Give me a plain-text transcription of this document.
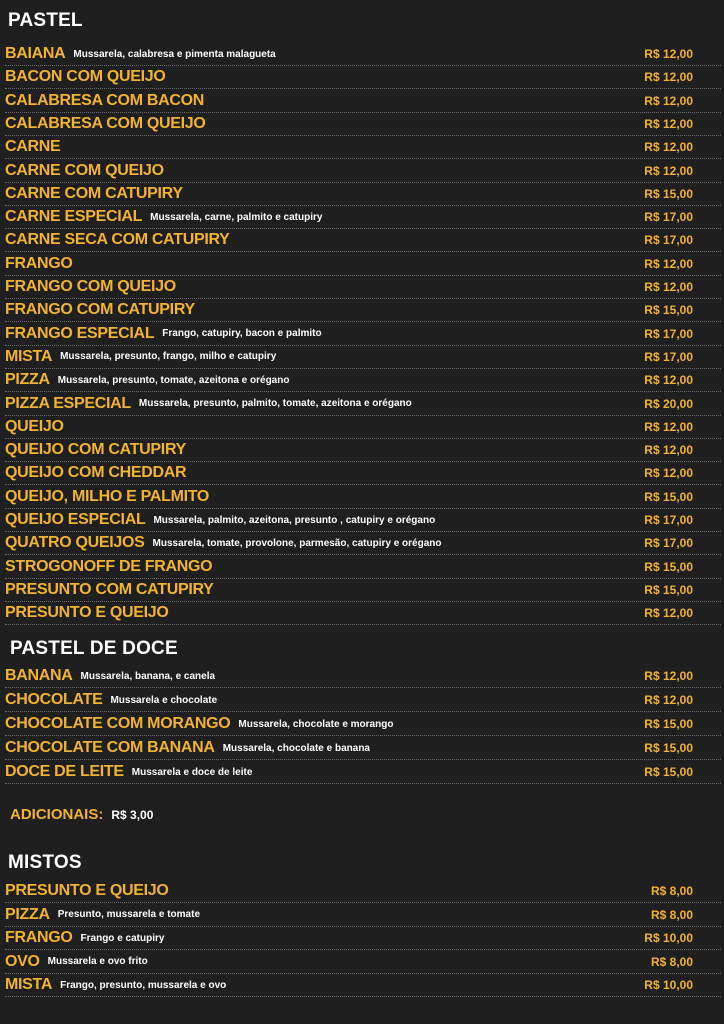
PASTEL
BAIANA Mussarela, calabresa e pimenta malagueta	R$ 12,00
BACON COM QUEIJO	R$ 12,00
CALABRESA COM BACON	R$ 12,00
CALABRESA COM QUEIJO	R$ 12,00
CARNE	R$ 12,00
CARNE COM QUEIJO	R$ 12,00
CARNE COM CATUPIRY	R$ 15,00
CARNE ESPECIAL Mussarela, carne, palmito e catupiry	R$ 17,00
CARNE SECA COM CATUPIRY	R$ 17,00
FRANGO	R$ 12,00
FRANGO COM QUEIJO	R$ 12,00
FRANGO COM CATUPIRY	R$ 15,00
FRANGO ESPECIAL Frango, catupiry, bacon e palmito	R$ 17,00
MISTA Mussarela, presunto, frango, milho e catupiry	R$ 17,00
PIZZA Mussarela, presunto, tomate, azeitona e orégano	R$ 12,00
PIZZA ESPECIAL Mussarela, presunto, palmito, tomate, azeitona e orégano	R$ 20,00
QUEIJO	R$ 12,00
QUEIJO COM CATUPIRY	R$ 12,00
QUEIJO COM CHEDDAR	R$ 12,00
QUEIJO, MILHO E PALMITO	R$ 15,00
QUEIJO ESPECIAL Mussarela, palmito, azeitona, presunto , catupiry e orégano	R$ 17,00
QUATRO QUEIJOS Mussarela, tomate, provolone, parmesão, catupiry e orégano	R$ 17,00
STROGONOFF DE FRANGO	R$ 15,00
PRESUNTO COM CATUPIRY	R$ 15,00
PRESUNTO E QUEIJO	R$ 12,00
PASTEL DE DOCE
BANANA Mussarela, banana, e canela	R$ 12,00
CHOCOLATE Mussarela e chocolate	R$ 12,00
CHOCOLATE COM MORANGO Mussarela, chocolate e morango	R$ 15,00
CHOCOLATE COM BANANA Mussarela, chocolate e banana	R$ 15,00
DOCE DE LEITE Mussarela e doce de leite	R$ 15,00
ADICIONAIS: R$ 3,00
MISTOS
PRESUNTO E QUEIJO	R$ 8,00
PIZZA Presunto, mussarela e tomate	R$ 8,00
FRANGO Frango e catupiry	R$ 10,00
OVO Mussarela e ovo frito	R$ 8,00
MISTA Frango, presunto, mussarela e ovo	R$ 10,00
